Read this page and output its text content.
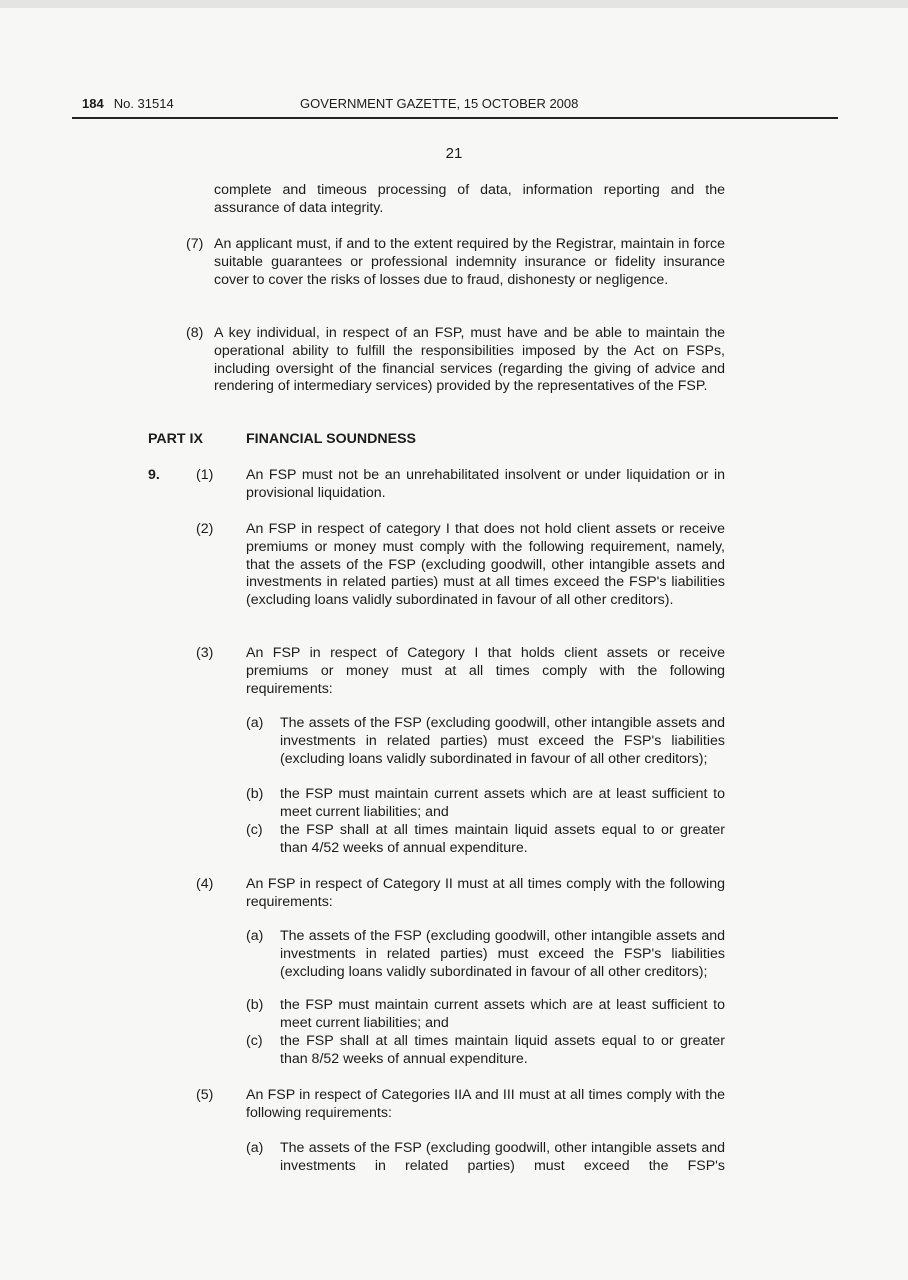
184 No. 31514	GOVERNMENT GAZETTE, 15 OCTOBER 2008
21

complete and timeous processing of data, information reporting and the assurance of data integrity.

(7) An applicant must, if and to the extent required by the Registrar, maintain in force suitable guarantees or professional indemnity insurance or fidelity insurance cover to cover the risks of losses due to fraud, dishonesty or negligence.

(8) A key individual, in respect of an FSP, must have and be able to maintain the operational ability to fulfill the responsibilities imposed by the Act on FSPs, including oversight of the financial services (regarding the giving of advice and rendering of intermediary services) provided by the representatives of the FSP.

PART IX	FINANCIAL SOUNDNESS
9.	(1) An FSP must not be an unrehabilitated insolvent or under liquidation or in provisional liquidation.

(2) An FSP in respect of category I that does not hold client assets or receive premiums or money must comply with the following requirement, namely, that the assets of the FSP (excluding goodwill, other intangible assets and investments in related parties) must at all times exceed the FSP's liabilities (excluding loans validly subordinated in favour of all other creditors).

(3) An FSP in respect of Category I that holds client assets or receive premiums or money must at all times comply with the following requirements:

(a) The assets of the FSP (excluding goodwill, other intangible assets and investments in related parties) must exceed the FSP's liabilities (excluding loans validly subordinated in favour of all other creditors);

(b) the FSP must maintain current assets which are at least sufficient to meet current liabilities; and

(c) the FSP shall at all times maintain liquid assets equal to or greater than 4/52 weeks of annual expenditure.

(4) An FSP in respect of Category II must at all times comply with the following requirements:

(a) The assets of the FSP (excluding goodwill, other intangible assets and investments in related parties) must exceed the FSP's liabilities (excluding loans validly subordinated in favour of all other creditors);

(b) the FSP must maintain current assets which are at least sufficient to meet current liabilities; and

(c) the FSP shall at all times maintain liquid assets equal to or greater than 8/52 weeks of annual expenditure.

(5) An FSP in respect of Categories IIA and III must at all times comply with the following requirements:

(a) The assets of the FSP (excluding goodwill, other intangible assets and investments in related parties) must exceed the FSP's
